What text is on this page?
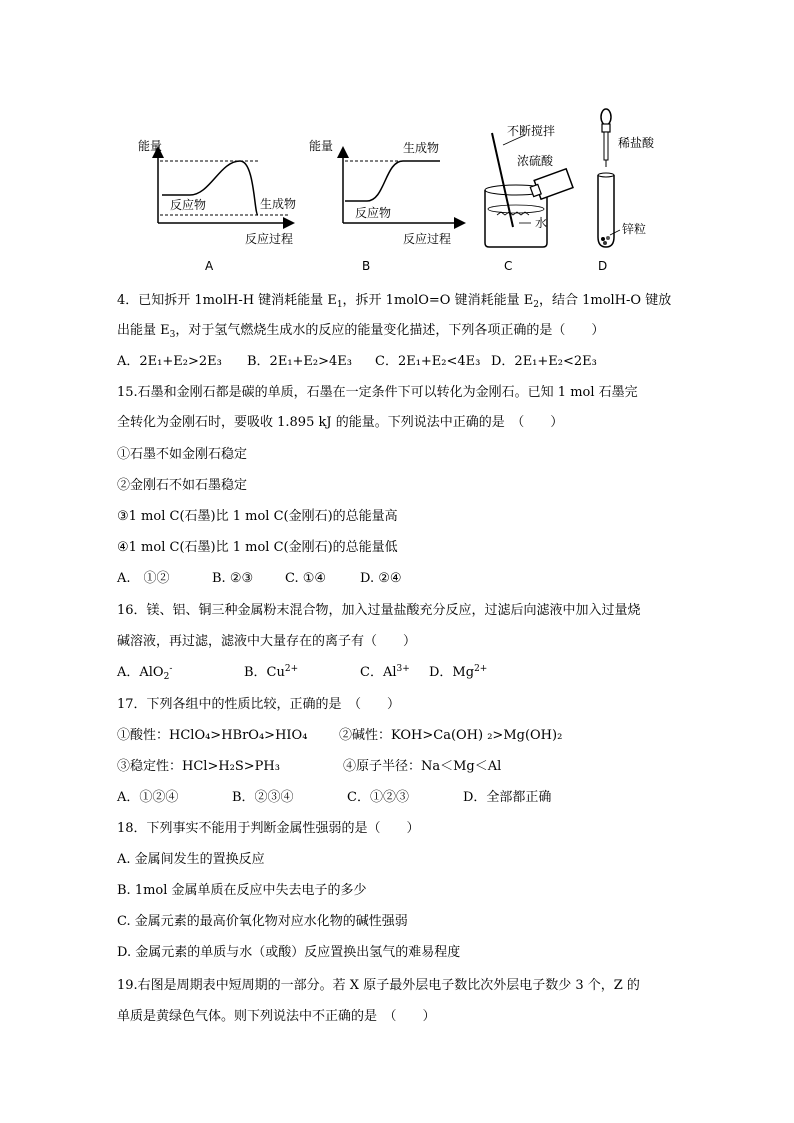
能量
反应物	生成物
反应过程
A
能量	生成物
反应物
反应过程
B
不断搅拌
水
浓硫酸
C
稀盐酸
锌粒
D
4．已知拆开 1molH-H 键消耗能量 $E_1$，拆开 1molO=O 键消耗能量 $E_2$，结合 1molH-O 键放
出能量 $E_3$，对于氢气燃烧生成水的反应的能量变化描述，下列各项正确的是（　　）
A．2E₁+E₂>2E₃ B．2E₁+E₂>4E₃ C．2E₁+E₂<4E₃ D．2E₁+E₂<2E₃
15.石墨和金刚石都是碳的单质，石墨在一定条件下可以转化为金刚石。已知 1 mol 石墨完
全转化为金刚石时，要吸收 1.895 kJ 的能量。下列说法中正确的是　（　　）
①石墨不如金刚石稳定
②金刚石不如石墨稳定
③1 mol C(石墨)比 1 mol C(金刚石)的总能量高
④1 mol C(石墨)比 1 mol C(金刚石)的总能量低
A.　①②	B. ②③ C. ①④	D. ②④
16．镁、铝、铜三种金属粉末混合物，加入过量盐酸充分反应，过滤后向滤液中加入过量烧
碱溶液，再过滤，滤液中大量存在的离子有（　　）
A．AlO$_2$-	B．$Cu^{2+}$	C．$Al^{3+}$ D．$Mg^{2+}$
17．下列各组中的性质比较，正确的是　（　　）
①酸性：HClO₄>HBrO₄>HIO₄ ②碱性：KOH>Ca(OH) ₂>Mg(OH)₂
③稳定性：HCl>H₂S>PH₃	④原子半径：Na＜Mg＜Al
A．①②④	B．②③④	C．①②③	D．全部都正确
18．下列事实不能用于判断金属性强弱的是（　　）
A. 金属间发生的置换反应
B. 1mol 金属单质在反应中失去电子的多少
C. 金属元素的最高价氧化物对应水化物的碱性强弱
D. 金属元素的单质与水（或酸）反应置换出氢气的难易程度
19.右图是周期表中短周期的一部分。若 X 原子最外层电子数比次外层电子数少 3 个，Z 的
单质是黄绿色气体。则下列说法中不正确的是　（　　）
